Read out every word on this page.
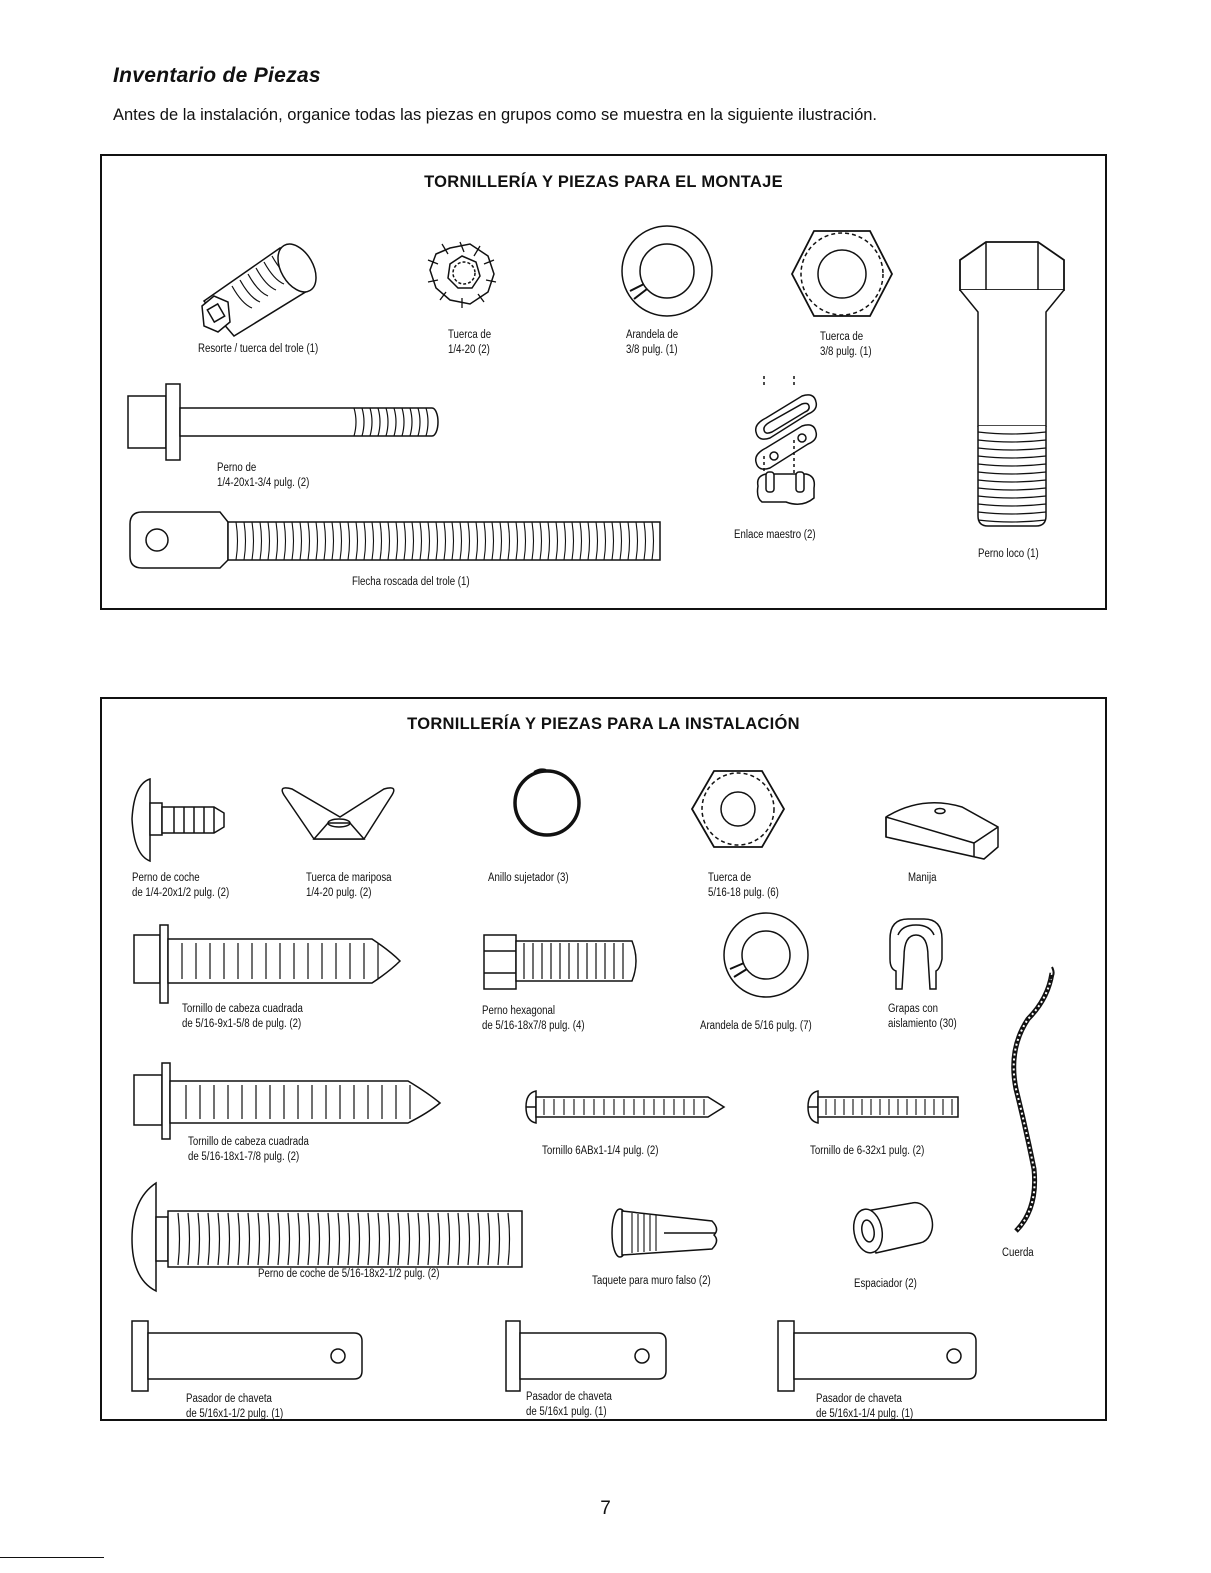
Inventario de Piezas
Antes de la instalación, organice todas las piezas en grupos como se muestra en la siguiente ilustración.
TORNILLERÍA Y PIEZAS PARA EL MONTAJE
Resorte / tuerca del trole (1)
Tuerca de
1/4-20 (2)
Arandela de
3/8 pulg. (1)
Tuerca de
3/8 pulg. (1)
Perno de
1/4-20x1-3/4 pulg. (2)
Enlace maestro (2)
Perno loco (1)
Flecha roscada del trole (1)
TORNILLERÍA Y PIEZAS PARA LA INSTALACIÓN
Perno de coche
de 1/4-20x1/2 pulg. (2)
Tuerca de mariposa
1/4-20 pulg. (2)
Anillo sujetador (3)	Tuerca de
5/16-18 pulg. (6)
Manija
Tornillo de cabeza cuadrada
de 5/16-9x1-5/8 de pulg. (2)
Perno hexagonal
de 5/16-18x7/8 pulg. (4)	Arandela de 5/16 pulg. (7)
Grapas con
aislamiento (30)
Tornillo de cabeza cuadrada
de 5/16-18x1-7/8 pulg. (2)	Tornillo 6ABx1-1/4 pulg. (2)	Tornillo de 6-32x1 pulg. (2)
Perno de coche de 5/16-18x2-1/2 pulg. (2)
Taquete para muro falso (2)	Espaciador (2)
Cuerda
Pasador de chaveta
de 5/16x1-1/2 pulg. (1)
Pasador de chaveta
de 5/16x1 pulg. (1)
Pasador de chaveta
de 5/16x1-1/4 pulg. (1)
7
